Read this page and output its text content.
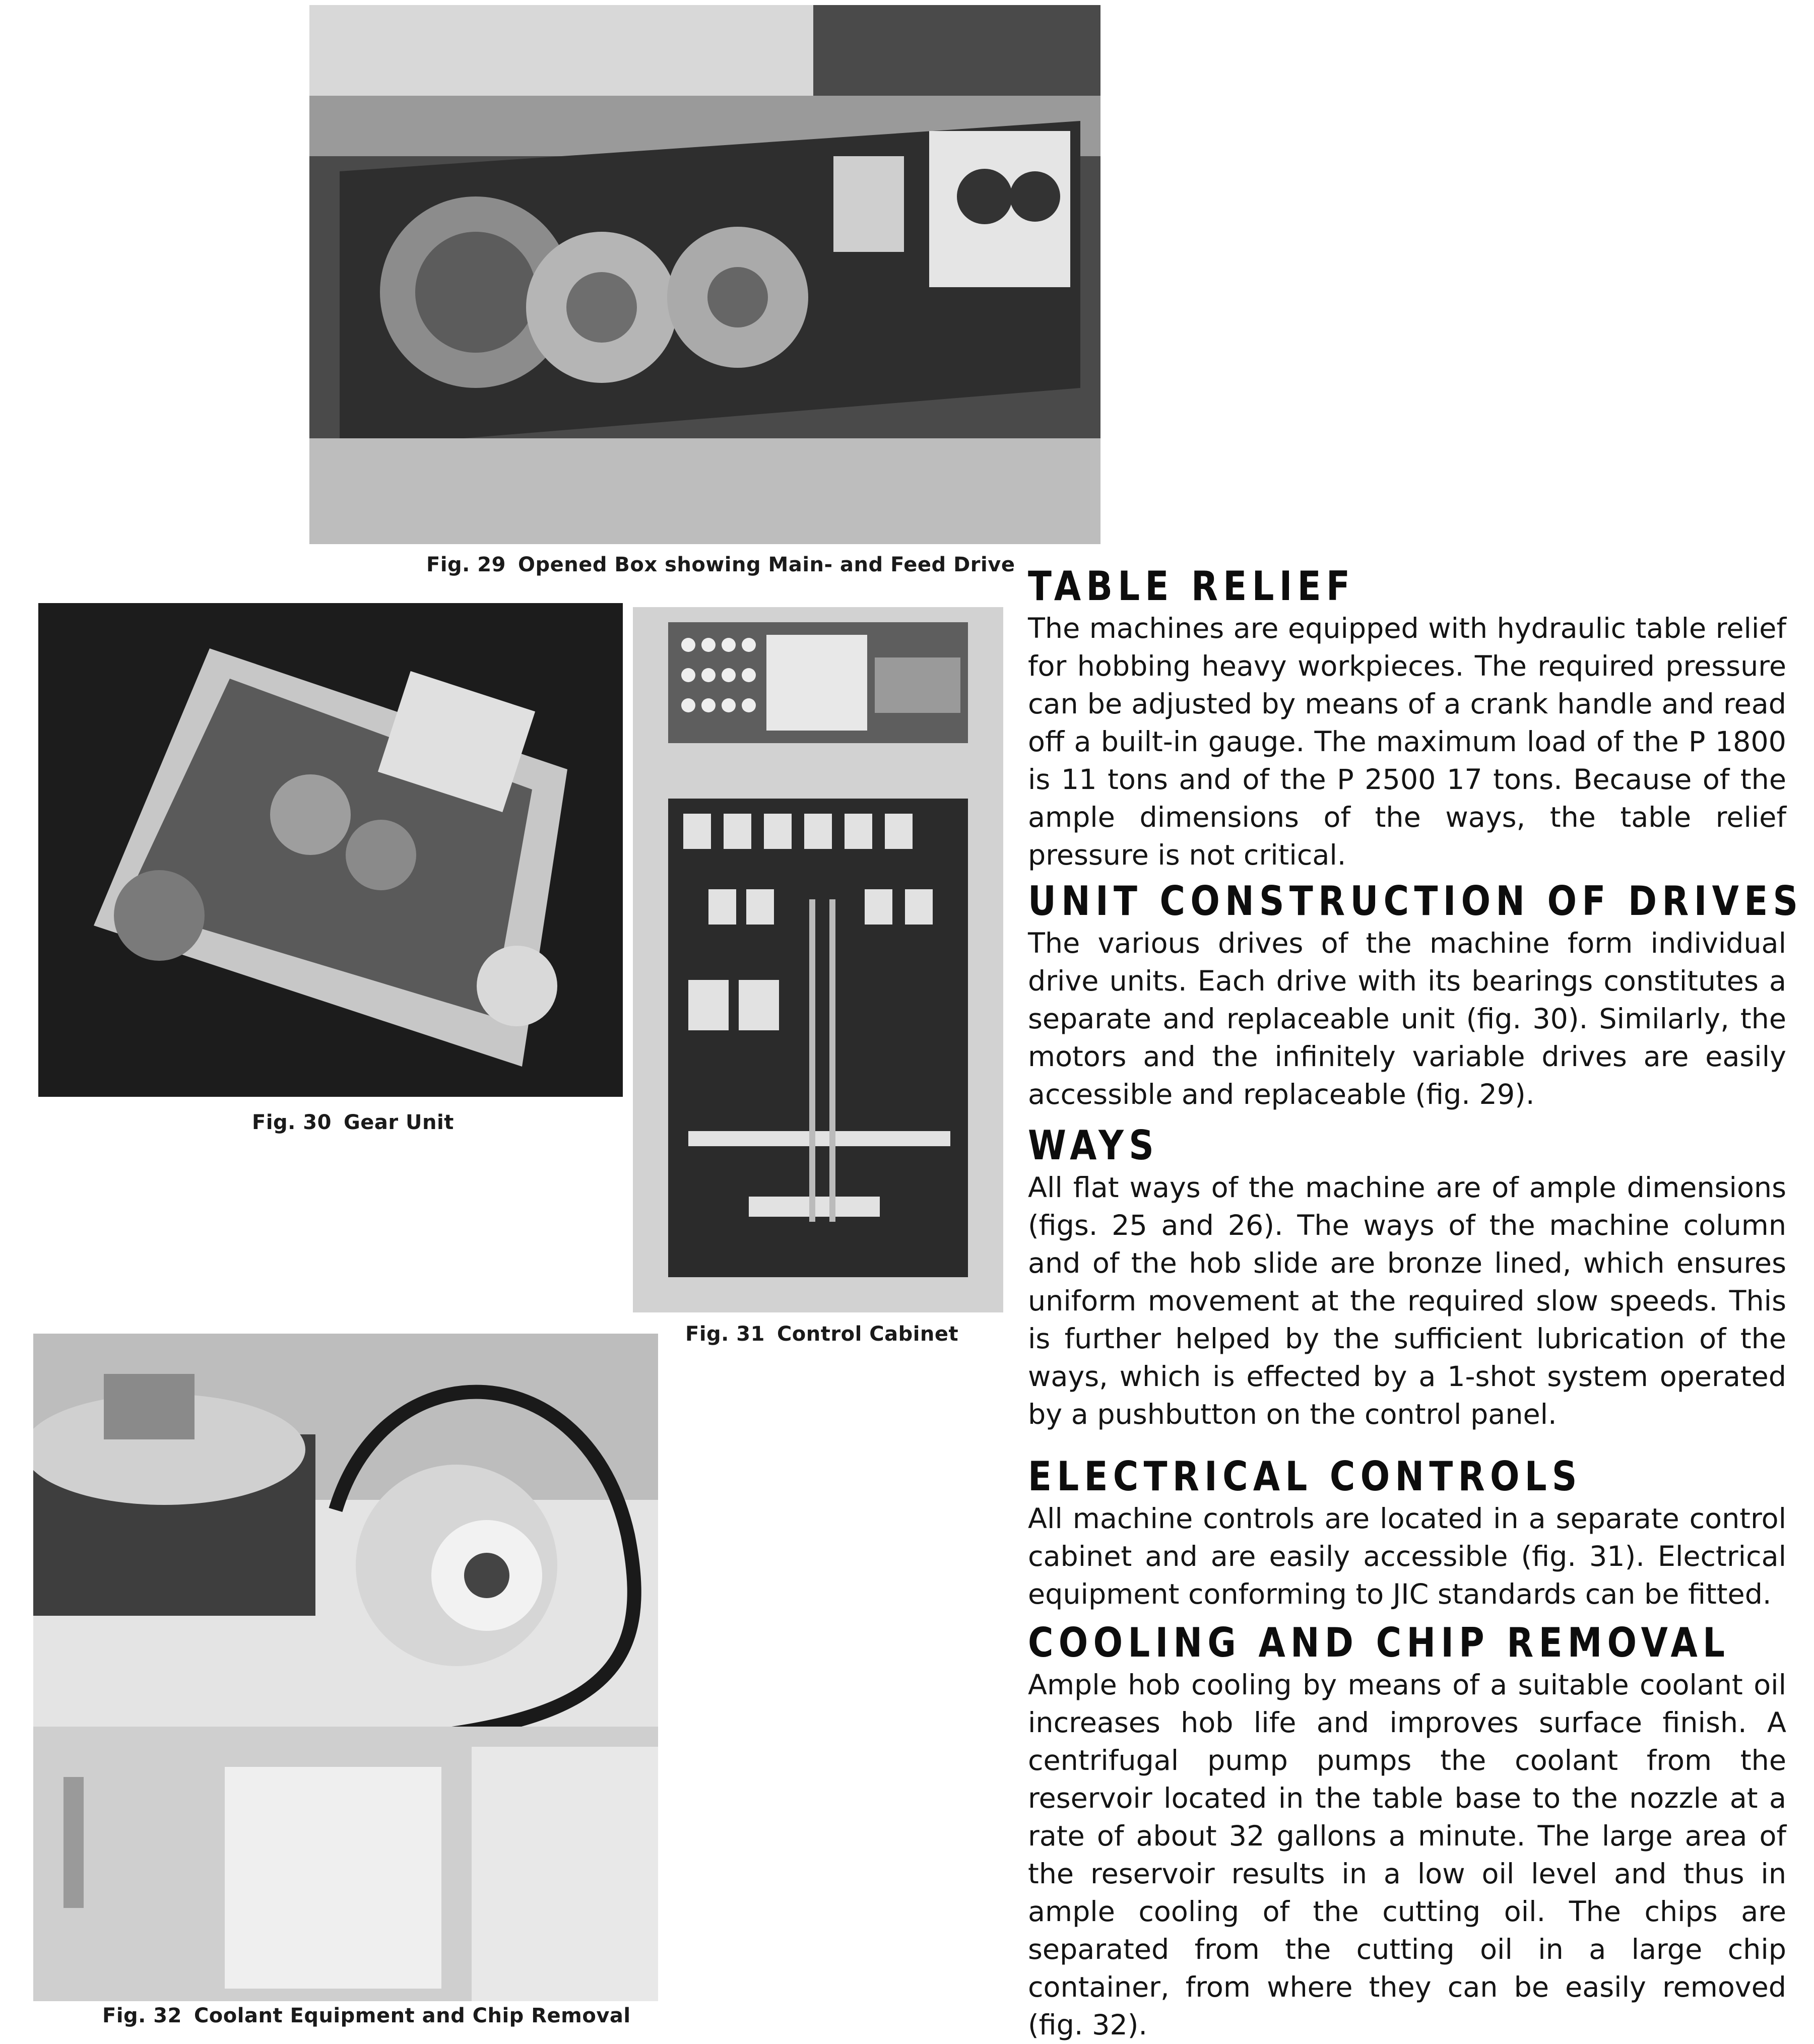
Fig. 29 Opened Box showing Main- and Feed Drive
Fig. 30 Gear Unit
Fig. 31 Control Cabinet
Fig. 32 Coolant Equipment and Chip Removal
TABLE RELIEF

The machines are equipped with hydraulic table relief for hobbing heavy workpieces. The required pressure can be adjusted by means of a crank handle and read off a built-in gauge. The maximum load of the P 1800 is 11 tons and of the P 2500 17 tons. Because of the ample dimensions of the ways, the table relief pressure is not critical.

UNIT CONSTRUCTION OF DRIVES

The various drives of the machine form individual drive units. Each drive with its bearings constitutes a separate and replaceable unit (fig. 30). Similarly, the motors and the infinitely variable drives are easily accessible and replaceable (fig. 29).

WAYS

All flat ways of the machine are of ample dimensions (figs. 25 and 26). The ways of the machine column and of the hob slide are bronze lined, which ensures uniform movement at the required slow speeds. This is further helped by the sufficient lubrication of the ways, which is effected by a 1-shot system operated by a pushbutton on the control panel.

ELECTRICAL CONTROLS

All machine controls are located in a separate control cabinet and are easily accessible (fig. 31). Electrical equipment conforming to JIC standards can be fitted.

COOLING AND CHIP REMOVAL

Ample hob cooling by means of a suitable coolant oil increases hob life and improves surface finish. A centrifugal pump pumps the coolant from the reservoir located in the table base to the nozzle at a rate of about 32 gallons a minute. The large area of the reservoir results in a low oil level and thus in ample cooling of the cutting oil. The chips are separated from the cutting oil in a large chip container, from where they can be easily removed (fig. 32).
